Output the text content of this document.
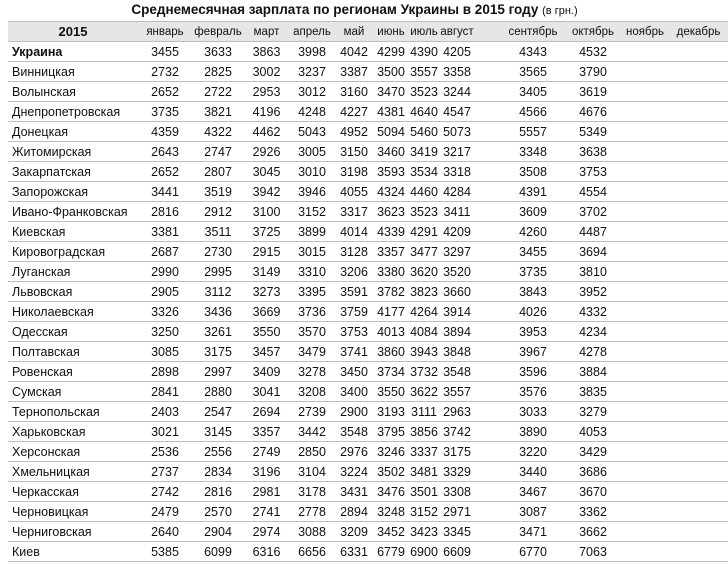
Среднемесячная зарплата по регионам Украины в 2015 году (в грн.)
2015	январь	февраль	март	апрель	май	июнь	июль	август	сентябрь	октябрь	ноябрь	декабрь
Украина	3455	3633	3863	3998	4042	4299	4390	4205	4343	4532		
Винницкая	2732	2825	3002	3237	3387	3500	3557	3358	3565	3790		
Волынская	2652	2722	2953	3012	3160	3470	3523	3244	3405	3619		
Днепропетровская	3735	3821	4196	4248	4227	4381	4640	4547	4566	4676		
Донецкая	4359	4322	4462	5043	4952	5094	5460	5073	5557	5349		
Житомирская	2643	2747	2926	3005	3150	3460	3419	3217	3348	3638		
Закарпатская	2652	2807	3045	3010	3198	3593	3534	3318	3508	3753		
Запорожская	3441	3519	3942	3946	4055	4324	4460	4284	4391	4554		
Ивано-Франковская	2816	2912	3100	3152	3317	3623	3523	3411	3609	3702		
Киевская	3381	3511	3725	3899	4014	4339	4291	4209	4260	4487		
Кировоградская	2687	2730	2915	3015	3128	3357	3477	3297	3455	3694		
Луганская	2990	2995	3149	3310	3206	3380	3620	3520	3735	3810		
Львовская	2905	3112	3273	3395	3591	3782	3823	3660	3843	3952		
Николаевская	3326	3436	3669	3736	3759	4177	4264	3914	4026	4332		
Одесская	3250	3261	3550	3570	3753	4013	4084	3894	3953	4234		
Полтавская	3085	3175	3457	3479	3741	3860	3943	3848	3967	4278		
Ровенская	2898	2997	3409	3278	3450	3734	3732	3548	3596	3884		
Сумская	2841	2880	3041	3208	3400	3550	3622	3557	3576	3835		
Тернопольская	2403	2547	2694	2739	2900	3193	3111	2963	3033	3279		
Харьковская	3021	3145	3357	3442	3548	3795	3856	3742	3890	4053		
Херсонская	2536	2556	2749	2850	2976	3246	3337	3175	3220	3429		
Хмельницкая	2737	2834	3196	3104	3224	3502	3481	3329	3440	3686		
Черкасская	2742	2816	2981	3178	3431	3476	3501	3308	3467	3670		
Черновицкая	2479	2570	2741	2778	2894	3248	3152	2971	3087	3362		
Черниговская	2640	2904	2974	3088	3209	3452	3423	3345	3471	3662		
Киев	5385	6099	6316	6656	6331	6779	6900	6609	6770	7063		
